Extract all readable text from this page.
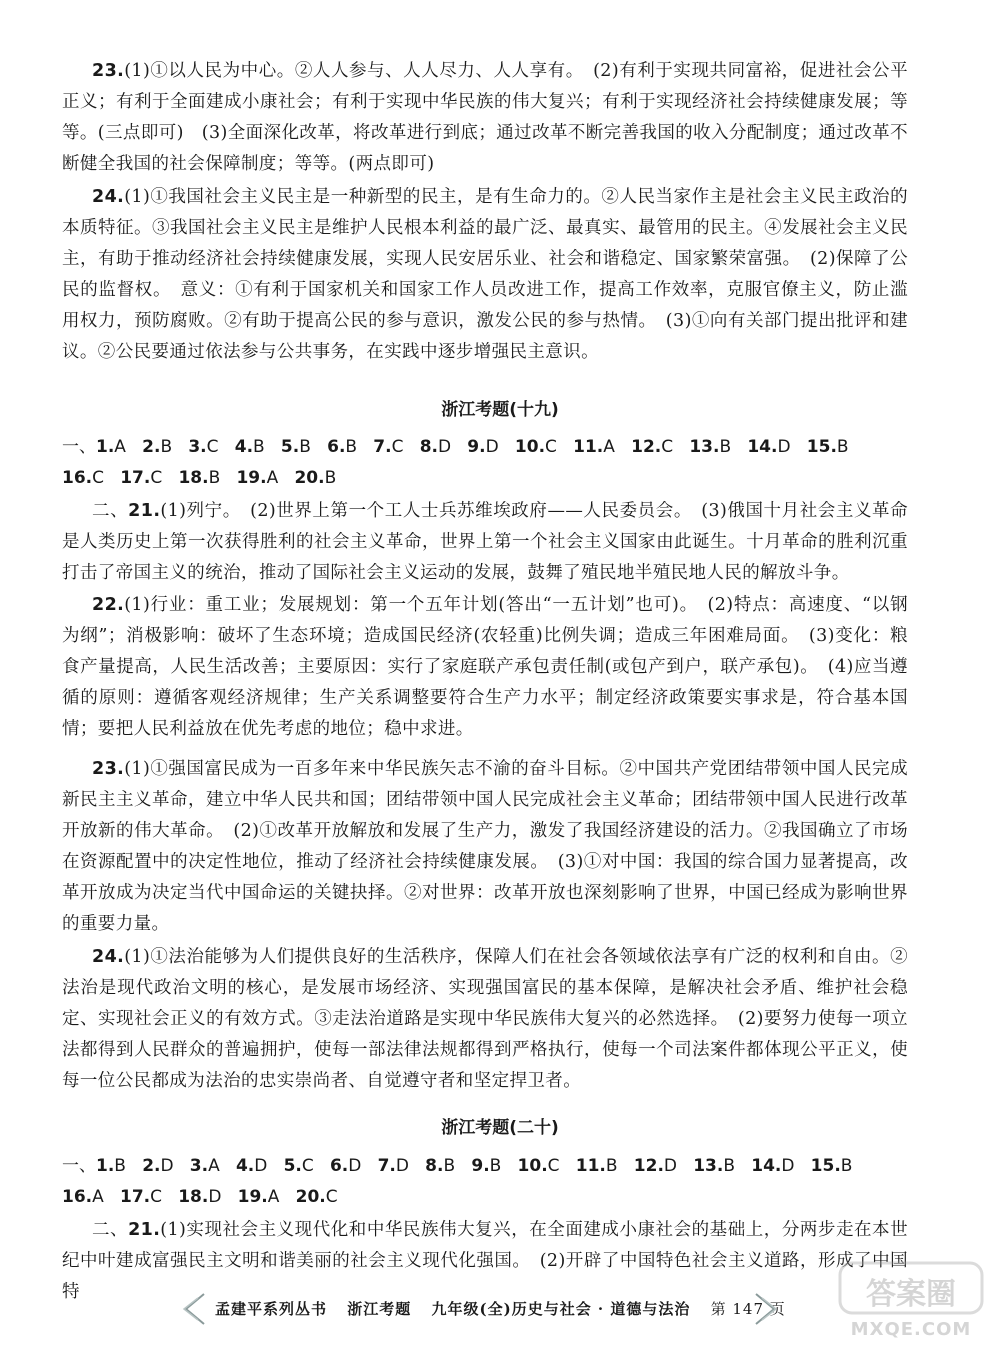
23.(1)①以人民为中心。②人人参与、人人尽力、人人享有。　(2)有利于实现共同富裕，促进社会公平正义；有利于全面建成小康社会；有利于实现中华民族的伟大复兴；有利于实现经济社会持续健康发展；等等。(三点即可)　(3)全面深化改革，将改革进行到底；通过改革不断完善我国的收入分配制度；通过改革不断健全我国的社会保障制度；等等。(两点即可)

24.(1)①我国社会主义民主是一种新型的民主，是有生命力的。②人民当家作主是社会主义民主政治的本质特征。③我国社会主义民主是维护人民根本利益的最广泛、最真实、最管用的民主。④发展社会主义民主，有助于推动经济社会持续健康发展，实现人民安居乐业、社会和谐稳定、国家繁荣富强。　(2)保障了公民的监督权。　意义：①有利于国家机关和国家工作人员改进工作，提高工作效率，克服官僚主义，防止滥用权力，预防腐败。②有助于提高公民的参与意识，激发公民的参与热情。　(3)①向有关部门提出批评和建议。②公民要通过依法参与公共事务，在实践中逐步增强民主意识。

浙江考题(十九)

一、1.A 2.B 3.C 4.B 5.B 6.B 7.C 8.D 9.D 10.C 11.A 12.C 13.B 14.D 15.B

16.C 17.C 18.B 19.A 20.B

二、21.(1)列宁。　(2)世界上第一个工人士兵苏维埃政府——人民委员会。　(3)俄国十月社会主义革命是人类历史上第一次获得胜利的社会主义革命，世界上第一个社会主义国家由此诞生。十月革命的胜利沉重打击了帝国主义的统治，推动了国际社会主义运动的发展，鼓舞了殖民地半殖民地人民的解放斗争。

22.(1)行业：重工业；发展规划：第一个五年计划(答出“一五计划”也可)。　(2)特点：高速度、“以钢为纲”；消极影响：破坏了生态环境；造成国民经济(农轻重)比例失调；造成三年困难局面。　(3)变化：粮食产量提高，人民生活改善；主要原因：实行了家庭联产承包责任制(或包产到户，联产承包)。　(4)应当遵循的原则：遵循客观经济规律；生产关系调整要符合生产力水平；制定经济政策要实事求是，符合基本国情；要把人民利益放在优先考虑的地位；稳中求进。

23.(1)①强国富民成为一百多年来中华民族矢志不渝的奋斗目标。②中国共产党团结带领中国人民完成新民主主义革命，建立中华人民共和国；团结带领中国人民完成社会主义革命；团结带领中国人民进行改革开放新的伟大革命。　(2)①改革开放解放和发展了生产力，激发了我国经济建设的活力。②我国确立了市场在资源配置中的决定性地位，推动了经济社会持续健康发展。　(3)①对中国：我国的综合国力显著提高，改革开放成为决定当代中国命运的关键抉择。②对世界：改革开放也深刻影响了世界，中国已经成为影响世界的重要力量。

24.(1)①法治能够为人们提供良好的生活秩序，保障人们在社会各领域依法享有广泛的权利和自由。②法治是现代政治文明的核心，是发展市场经济、实现强国富民的基本保障，是解决社会矛盾、维护社会稳定、实现社会正义的有效方式。③走法治道路是实现中华民族伟大复兴的必然选择。　(2)要努力使每一项立法都得到人民群众的普遍拥护，使每一部法律法规都得到严格执行，使每一个司法案件都体现公平正义，使每一位公民都成为法治的忠实崇尚者、自觉遵守者和坚定捍卫者。

浙江考题(二十)

一、1.B 2.D 3.A 4.D 5.C 6.D 7.D 8.B 9.B 10.C 11.B 12.D 13.B 14.D 15.B

16.A 17.C 18.D 19.A 20.C

二、21.(1)实现社会主义现代化和中华民族伟大复兴，在全面建成小康社会的基础上，分两步走在本世纪中叶建成富强民主文明和谐美丽的社会主义现代化强国。　(2)开辟了中国特色社会主义道路，形成了中国特

孟建平系列丛书 浙江考题 九年级(全)历史与社会 · 道德与法治 第 147 页	答案圈
MXQE.COM
